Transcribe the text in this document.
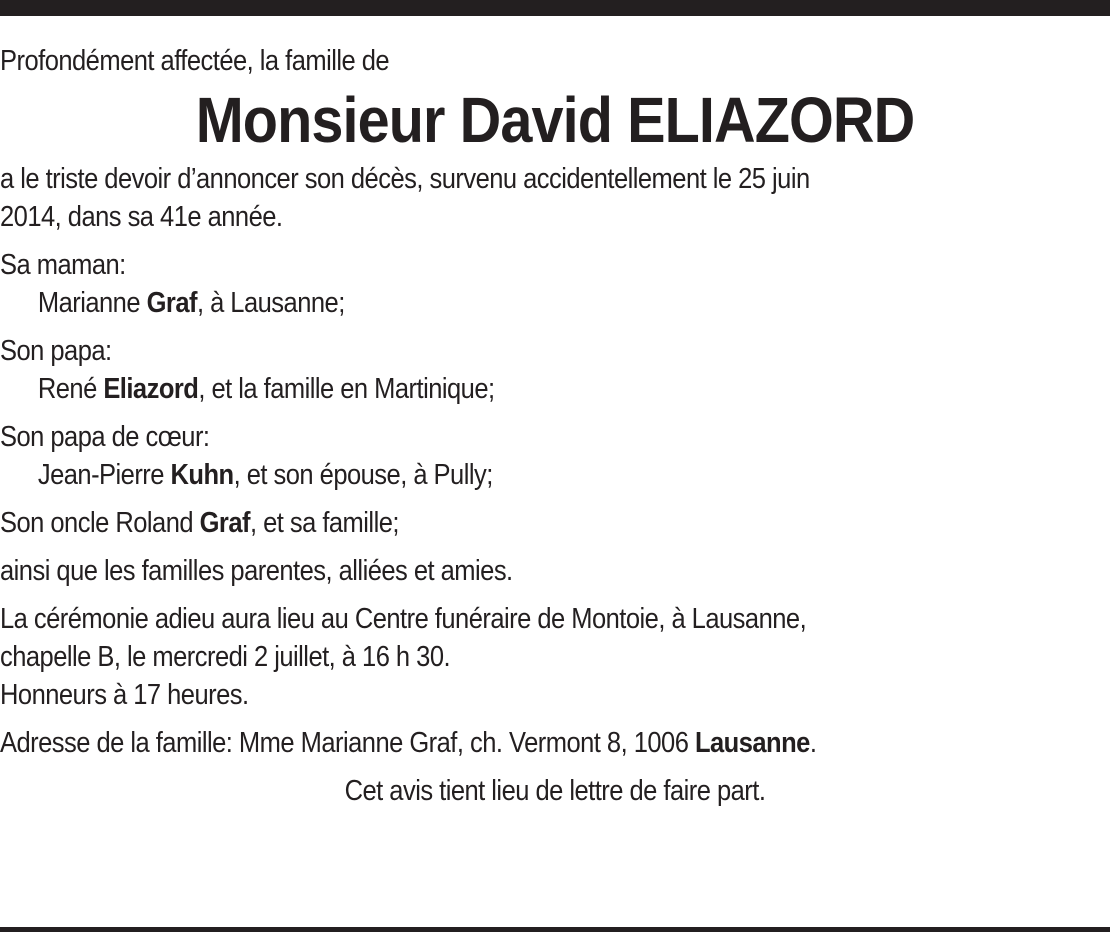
Profondément affectée, la famille de
Monsieur David ELIAZORD
a le triste devoir d’annoncer son décès, survenu accidentellement le 25 juin
2014, dans sa 41e année.
Sa maman:
Marianne Graf, à Lausanne;
Son papa:
René Eliazord, et la famille en Martinique;
Son papa de cœur:
Jean-Pierre Kuhn, et son épouse, à Pully;
Son oncle Roland Graf, et sa famille;
ainsi que les familles parentes, alliées et amies.
La cérémonie adieu aura lieu au Centre funéraire de Montoie, à Lausanne,
chapelle B, le mercredi 2 juillet, à 16 h 30.
Honneurs à 17 heures.
Adresse de la famille: Mme Marianne Graf, ch. Vermont 8, 1006 Lausanne.
Cet avis tient lieu de lettre de faire part.
